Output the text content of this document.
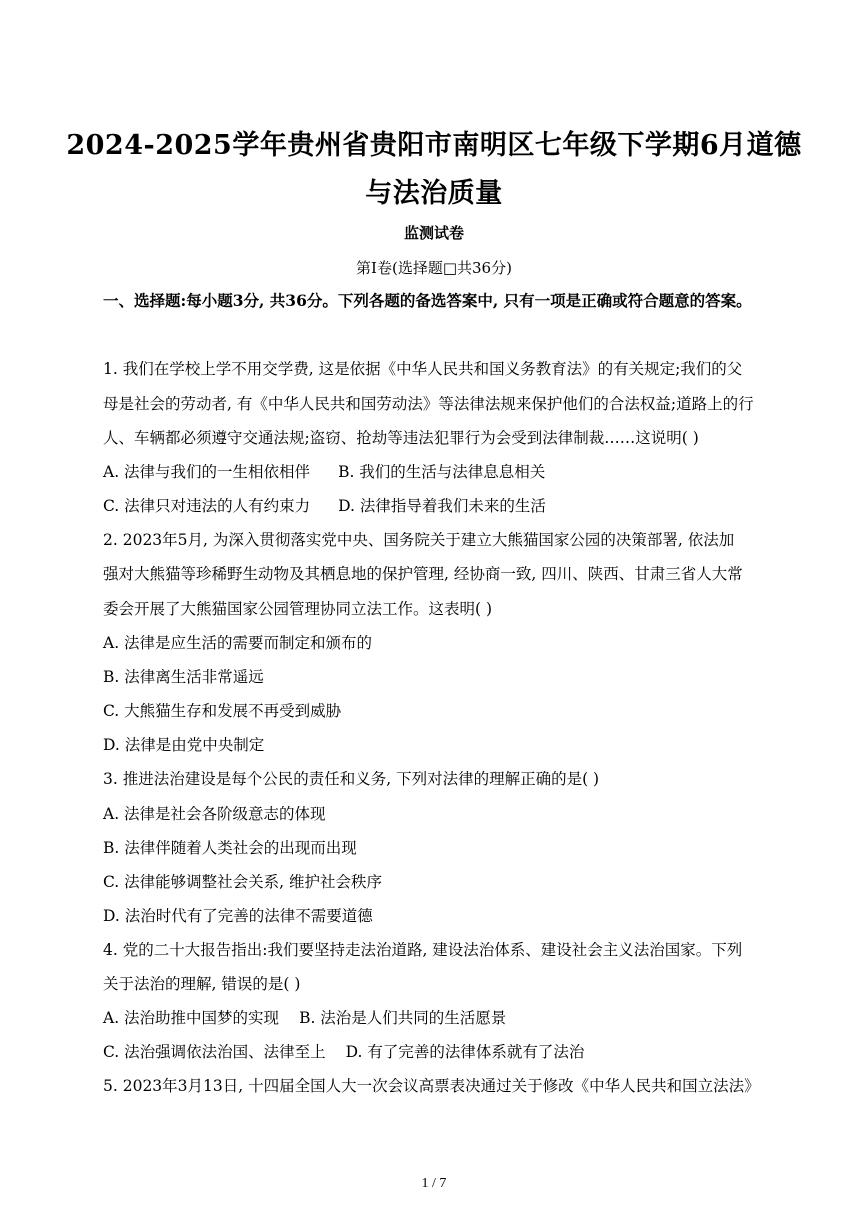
2024-2025学年贵州省贵阳市南明区七年级下学期6月道德
与法治质量
监测试卷
第I卷(选择题□共36分)
一、选择题:每小题3分, 共36分。下列各题的备选答案中, 只有一项是正确或符合题意的答案。
1. 我们在学校上学不用交学费, 这是依据《中华人民共和国义务教育法》的有关规定;我们的父
母是社会的劳动者, 有《中华人民共和国劳动法》等法律法规来保护他们的合法权益;道路上的行
人、车辆都必须遵守交通法规;盗窃、抢劫等违法犯罪行为会受到法律制裁……这说明( )
A. 法律与我们的一生相依相伴 B. 我们的生活与法律息息相关
C. 法律只对违法的人有约束力 D. 法律指导着我们未来的生活
2. 2023年5月, 为深入贯彻落实党中央、国务院关于建立大熊猫国家公园的决策部署, 依法加
强对大熊猫等珍稀野生动物及其栖息地的保护管理, 经协商一致, 四川、陕西、甘肃三省人大常
委会开展了大熊猫国家公园管理协同立法工作。这表明( )
A. 法律是应生活的需要而制定和颁布的
B. 法律离生活非常遥远
C. 大熊猫生存和发展不再受到威胁
D. 法律是由党中央制定
3. 推进法治建设是每个公民的责任和义务, 下列对法律的理解正确的是( )
A. 法律是社会各阶级意志的体现
B. 法律伴随着人类社会的出现而出现
C. 法律能够调整社会关系, 维护社会秩序
D. 法治时代有了完善的法律不需要道德
4. 党的二十大报告指出:我们要坚持走法治道路, 建设法治体系、建设社会主义法治国家。下列
关于法治的理解, 错误的是( )
A. 法治助推中国梦的实现 B. 法治是人们共同的生活愿景
C. 法治强调依法治国、法律至上 D. 有了完善的法律体系就有了法治
5. 2023年3月13日, 十四届全国人大一次会议高票表决通过关于修改《中华人民共和国立法法》
1 / 7
